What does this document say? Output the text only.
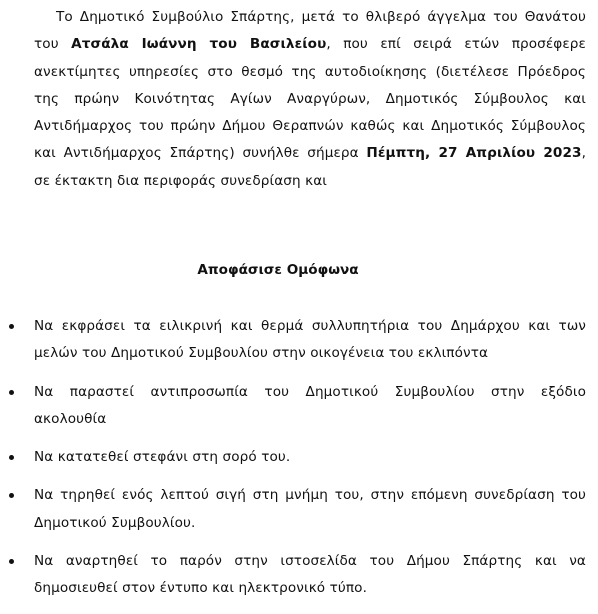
Το Δημοτικό Συμβούλιο Σπάρτης, μετά το θλιβερό άγγελμα του Θανάτου
του Ατσάλα Ιωάννη του Βασιλείου, που επί σειρά ετών προσέφερε
ανεκτίμητες υπηρεσίες στο θεσμό της αυτοδιοίκησης (διετέλεσε Πρόεδρος
της πρώην Κοινότητας Αγίων Αναργύρων, Δημοτικός Σύμβουλος και
Αντιδήμαρχος του πρώην Δήμου Θεραπνών καθώς και Δημοτικός Σύμβουλος
και Αντιδήμαρχος Σπάρτης) συνήλθε σήμερα Πέμπτη, 27 Απριλίου 2023,
σε έκτακτη δια περιφοράς συνεδρίαση και
Αποφάσισε Ομόφωνα
Να εκφράσει τα ειλικρινή και θερμά συλλυπητήρια του Δημάρχου και των
μελών του Δημοτικού Συμβουλίου στην οικογένεια του εκλιπόντα
Να παραστεί αντιπροσωπία του Δημοτικού Συμβουλίου στην εξόδιο
ακολουθία
Να κατατεθεί στεφάνι στη σορό του.
Να τηρηθεί ενός λεπτού σιγή στη μνήμη του, στην επόμενη συνεδρίαση του
Δημοτικού Συμβουλίου.
Να αναρτηθεί το παρόν στην ιστοσελίδα του Δήμου Σπάρτης και να
δημοσιευθεί στον έντυπο και ηλεκτρονικό τύπο.
